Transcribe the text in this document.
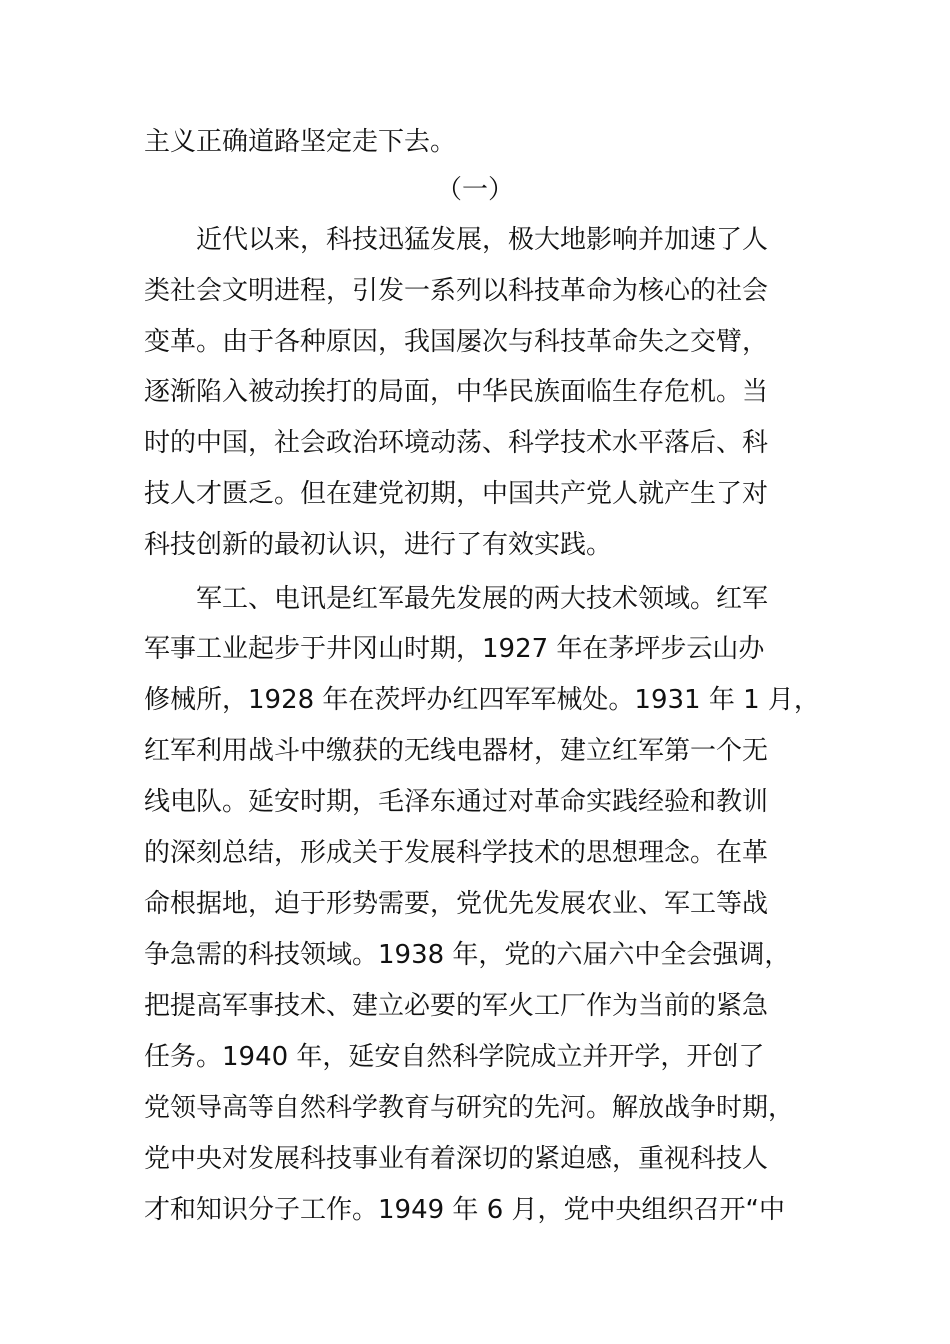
主义正确道路坚定走下去。
（一）
近代以来，科技迅猛发展，极大地影响并加速了人
类社会文明进程，引发一系列以科技革命为核心的社会
变革。由于各种原因，我国屡次与科技革命失之交臂，
逐渐陷入被动挨打的局面，中华民族面临生存危机。当
时的中国，社会政治环境动荡、科学技术水平落后、科
技人才匮乏。但在建党初期，中国共产党人就产生了对
科技创新的最初认识，进行了有效实践。
军工、电讯是红军最先发展的两大技术领域。红军
军事工业起步于井冈山时期，1927 年在茅坪步云山办
修械所，1928 年在茨坪办红四军军械处。1931 年 1 月，
红军利用战斗中缴获的无线电器材，建立红军第一个无
线电队。延安时期，毛泽东通过对革命实践经验和教训
的深刻总结，形成关于发展科学技术的思想理念。在革
命根据地，迫于形势需要，党优先发展农业、军工等战
争急需的科技领域。1938 年，党的六届六中全会强调，
把提高军事技术、建立必要的军火工厂作为当前的紧急
任务。1940 年，延安自然科学院成立并开学，开创了
党领导高等自然科学教育与研究的先河。解放战争时期，
党中央对发展科技事业有着深切的紧迫感，重视科技人
才和知识分子工作。1949 年 6 月，党中央组织召开“中
